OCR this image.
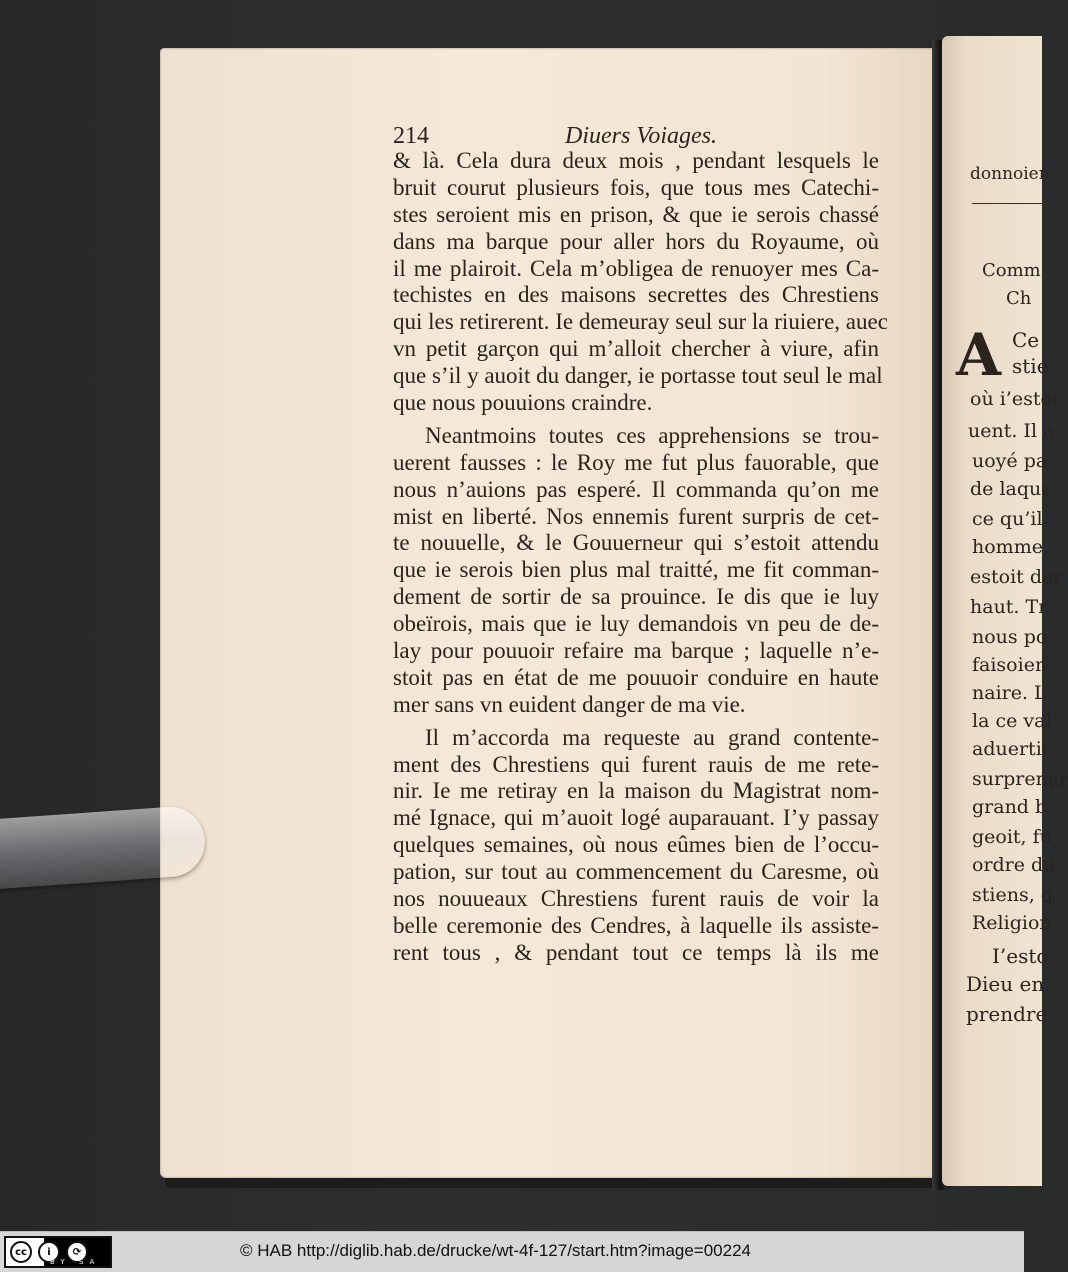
214	Diuers Voiages.
& là. Cela dura deux mois , pendant lesquels le
bruit courut plusieurs fois, que tous mes Catechi-
stes seroient mis en prison, & que ie serois chassé
dans ma barque pour aller hors du Royaume, où
il me plairoit. Cela m’obligea de renuoyer mes Ca-
techistes en des maisons secrettes des Chrestiens
qui les retirerent. Ie demeuray seul sur la riuiere, auec
vn petit garçon qui m’alloit chercher à viure, afin
que s’il y auoit du danger, ie portasse tout seul le mal
que nous pouuions craindre.
Neantmoins toutes ces apprehensions se trou-
uerent fausses : le Roy me fut plus fauorable, que
nous n’auions pas esperé. Il commanda qu’on me
mist en liberté. Nos ennemis furent surpris de cet-
te nouuelle, & le Gouuerneur qui s’estoit attendu
que ie serois bien plus mal traitté, me fit comman-
dement de sortir de sa prouince. Ie dis que ie luy
obeïrois, mais que ie luy demandois vn peu de de-
lay pour pouuoir refaire ma barque ; laquelle n’e-
stoit pas en état de me pouuoir conduire en haute
mer sans vn euident danger de ma vie.
Il m’accorda ma requeste au grand contente-
ment des Chrestiens qui furent rauis de me rete-
nir. Ie me retiray en la maison du Magistrat nom-
mé Ignace, qui m’auoit logé auparauant. I’y passay
quelques semaines, où nous eûmes bien de l’occu-
pation, sur tout au commencement du Caresme, où
nos nouueaux Chrestiens furent rauis de voir la
belle ceremonie des Cendres, à laquelle ils assiste-
rent tous , & pendant tout ce temps là ils me
donnoien
Comm
Ch
A Ce
stie
où i’estoi
uent. Il a
uoyé pa
de laque
ce qu’il
homme
estoit dar
haut. Tr
nous po
faisoien
naire. L
la ce val
aduertit
surprenar
grand b
geoit, fu
ordre du
stiens, q
Religion
I’esto
Dieu en
prendre
cc	i	⟳
BY SA
© HAB http://diglib.hab.de/drucke/wt-4f-127/start.htm?image=00224
